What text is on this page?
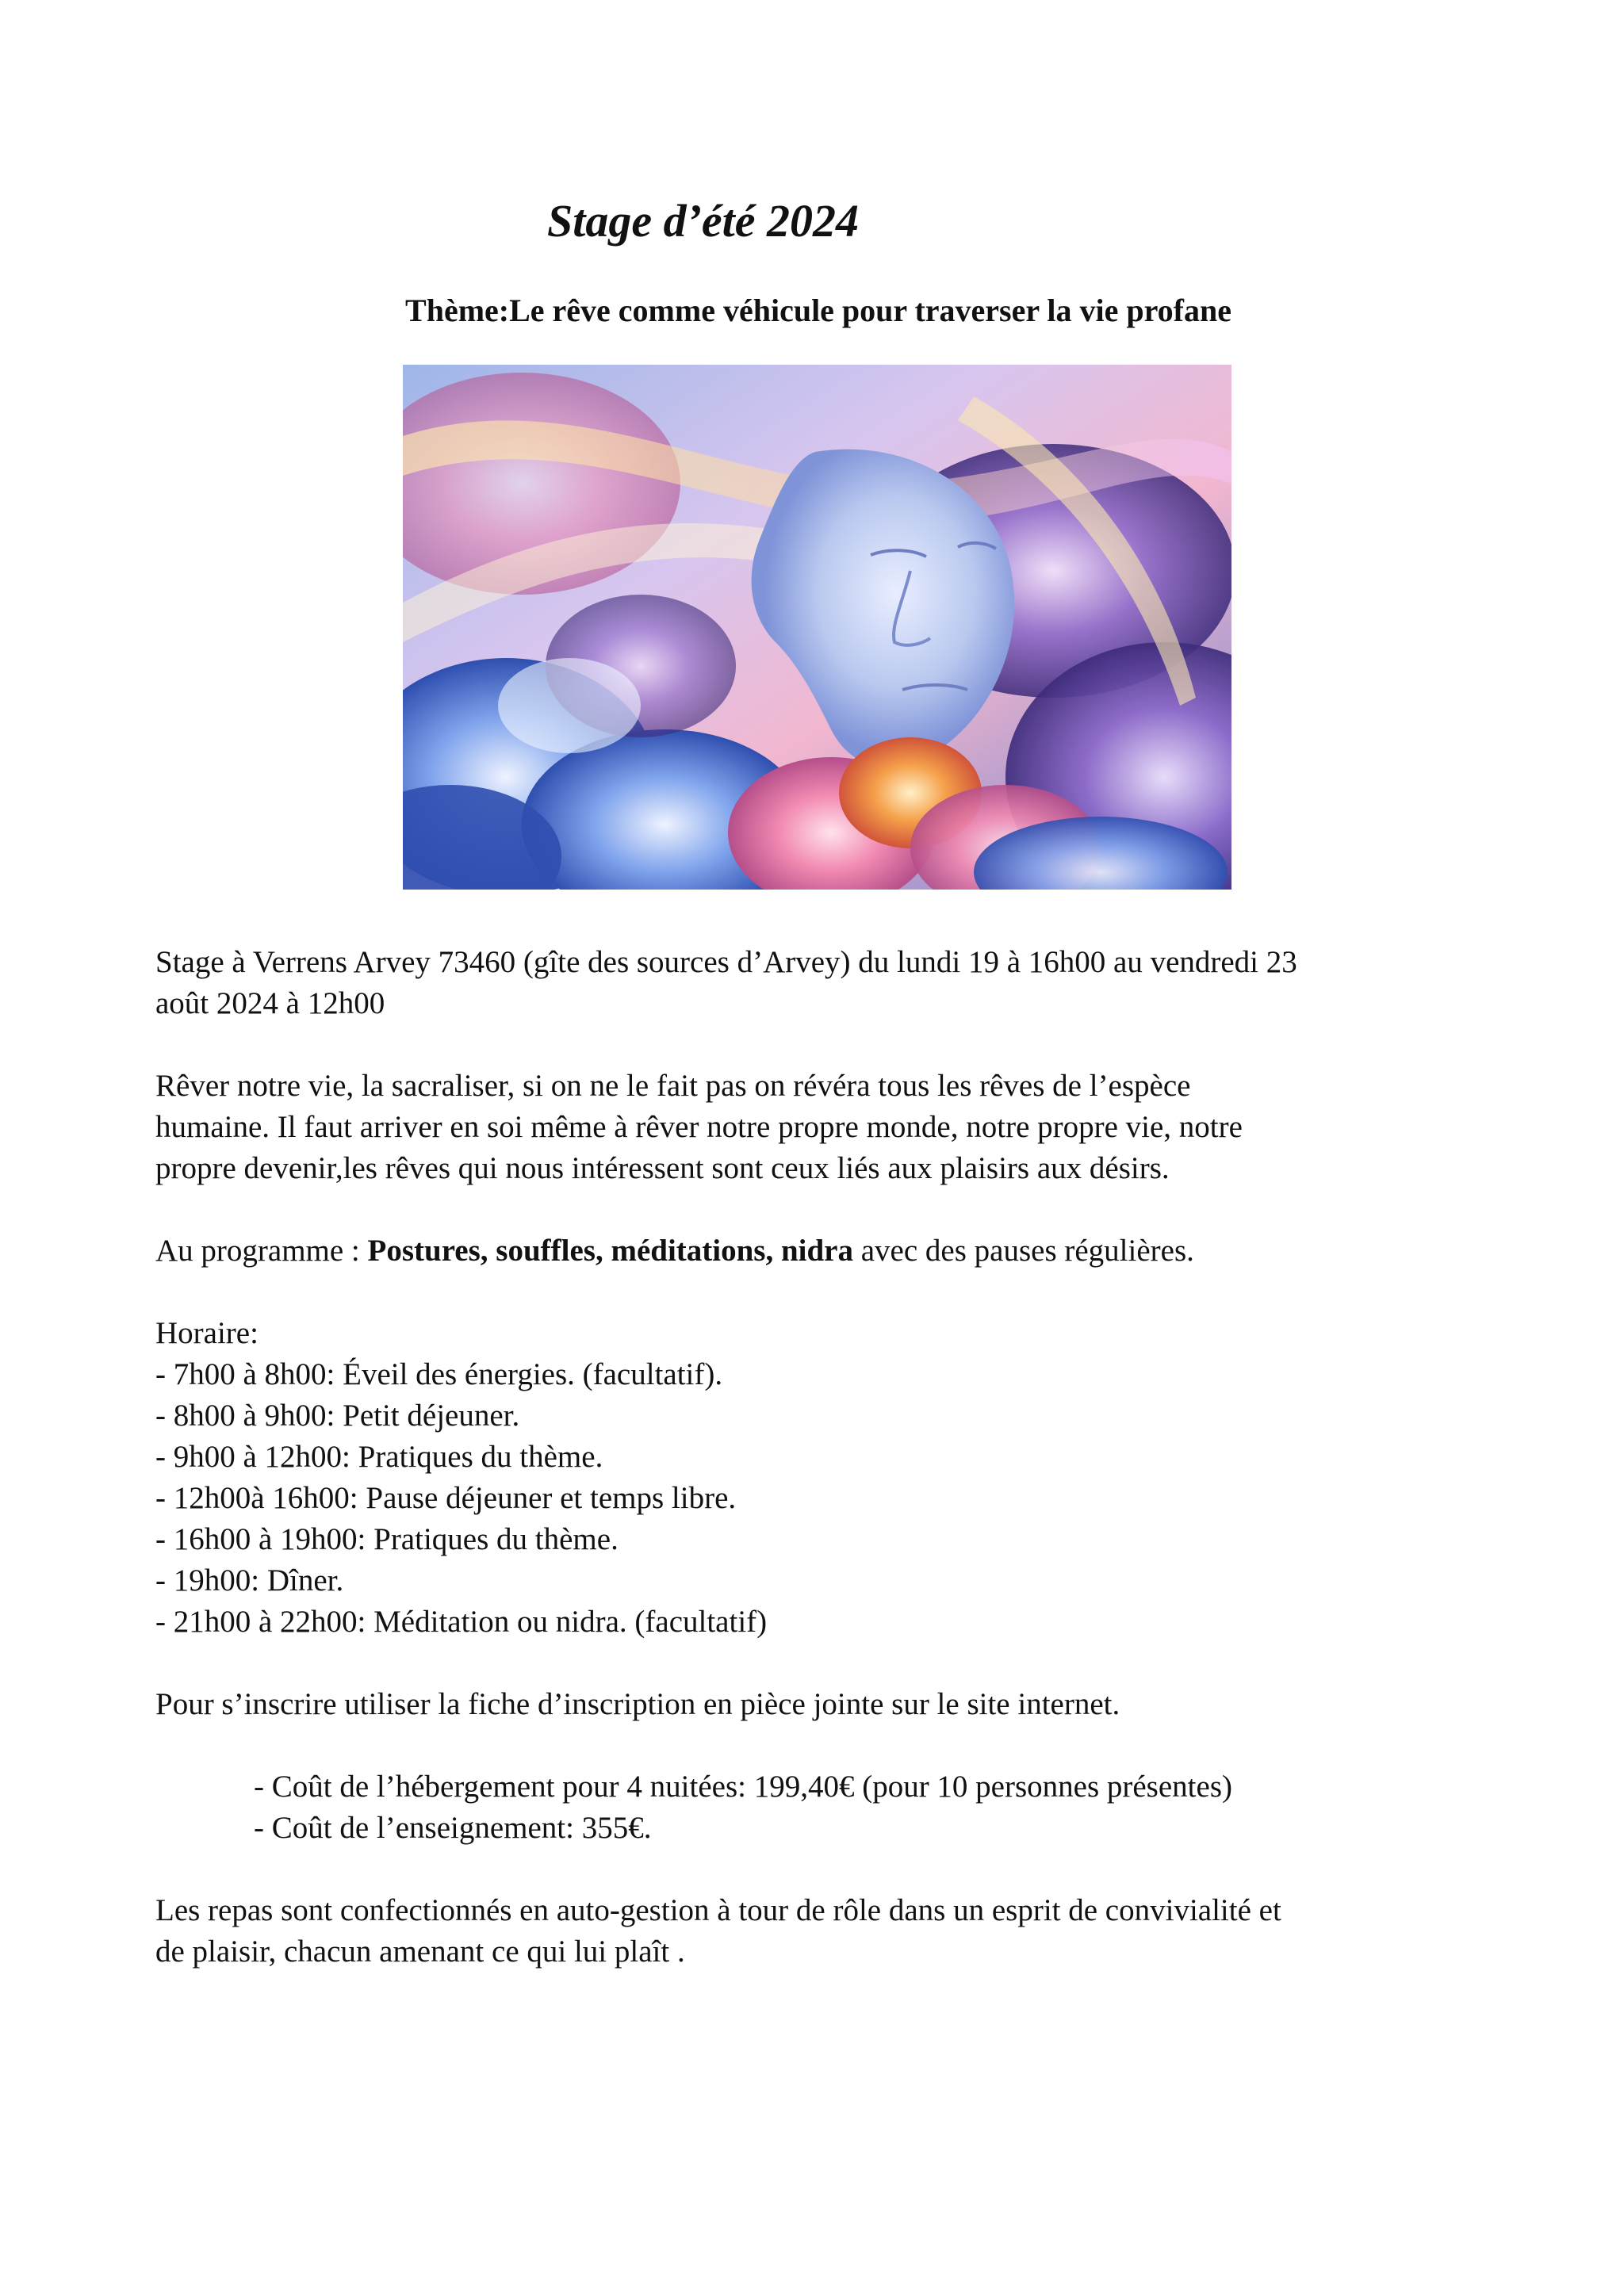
Stage d’été 2024
Thème:Le rêve comme véhicule pour traverser la vie profane

Stage à Verrens Arvey 73460 (gîte des sources d’Arvey) du lundi 19 à 16h00 au vendredi 23

août 2024 à 12h00

Rêver notre vie, la sacraliser, si on ne le fait pas on révéra tous les rêves de l’espèce

humaine. Il faut arriver en soi même à rêver notre propre monde, notre propre vie, notre

propre devenir,les rêves qui nous intéressent sont ceux liés aux plaisirs aux désirs.

Au programme : Postures, souffles, méditations, nidra avec des pauses régulières.

Horaire:

- 7h00 à 8h00: Éveil des énergies. (facultatif).

- 8h00 à 9h00: Petit déjeuner.

- 9h00 à 12h00: Pratiques du thème.

- 12h00à 16h00: Pause déjeuner et temps libre.

- 16h00 à 19h00: Pratiques du thème.

- 19h00: Dîner.

- 21h00 à 22h00: Méditation ou nidra. (facultatif)

Pour s’inscrire utiliser la fiche d’inscription en pièce jointe sur le site internet.

- Coût de l’hébergement pour 4 nuitées: 199,40€ (pour 10 personnes présentes)

- Coût de l’enseignement: 355€.

Les repas sont confectionnés en auto-gestion à tour de rôle dans un esprit de convivialité et

de plaisir, chacun amenant ce qui lui plaît .
